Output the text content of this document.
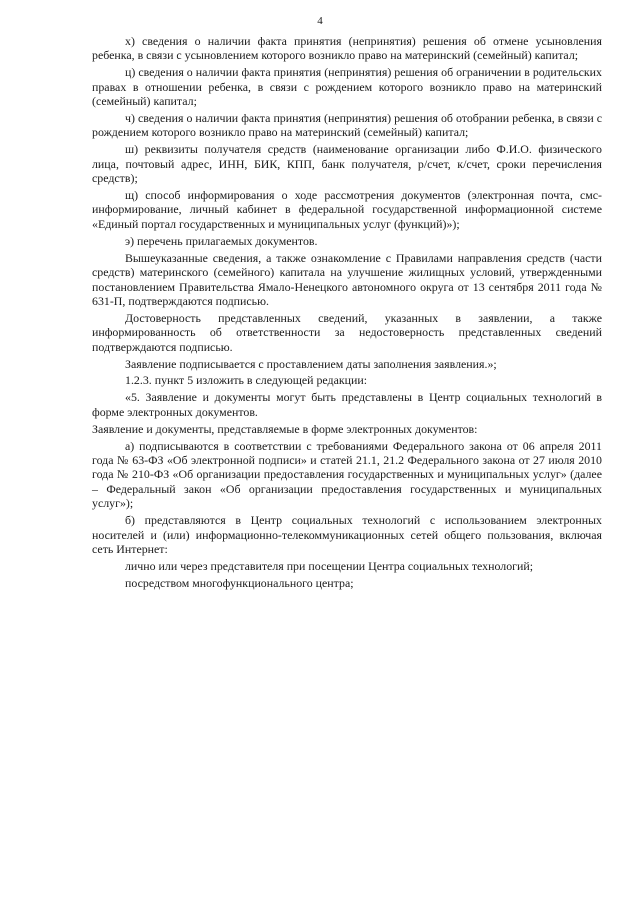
4

х) сведения о наличии факта принятия (непринятия) решения об отмене усыновления ребенка, в связи с усыновлением которого возникло право на материнский (семейный) капитал;

ц) сведения о наличии факта принятия (непринятия) решения об ограничении в родительских правах в отношении ребенка, в связи с рождением которого возникло право на материнский (семейный) капитал;

ч) сведения о наличии факта принятия (непринятия) решения об отобрании ребенка, в связи с рождением которого возникло право на материнский (семейный) капитал;

ш) реквизиты получателя средств (наименование организации либо Ф.И.О. физического лица, почтовый адрес, ИНН, БИК, КПП, банк получателя, р/счет, к/счет, сроки перечисления средств);

щ) способ информирования о ходе рассмотрения документов (электронная почта, смс-информирование, личный кабинет в федеральной государственной информационной системе «Единый портал государственных и муниципальных услуг (функций)»);

э) перечень прилагаемых документов.

Вышеуказанные сведения, а также ознакомление с Правилами направления средств (части средств) материнского (семейного) капитала на улучшение жилищных условий, утвержденными постановлением Правительства Ямало-Ненецкого автономного округа от 13 сентября 2011 года № 631-П, подтверждаются подписью.

Достоверность представленных сведений, указанных в заявлении, а также информированность об ответственности за недостоверность представленных сведений подтверждаются подписью.

Заявление подписывается с проставлением даты заполнения заявления.»;

1.2.3. пункт 5 изложить в следующей редакции:

«5. Заявление и документы могут быть представлены в Центр социальных технологий в форме электронных документов.

Заявление и документы, представляемые в форме электронных документов:

а) подписываются в соответствии с требованиями Федерального закона от 06 апреля 2011 года № 63-ФЗ «Об электронной подписи» и статей 21.1, 21.2 Федерального закона от 27 июля 2010 года № 210-ФЗ «Об организации предоставления государственных и муниципальных услуг» (далее – Федеральный закон «Об организации предоставления государственных и муниципальных услуг»);

б) представляются в Центр социальных технологий с использованием электронных носителей и (или) информационно-телекоммуникационных сетей общего пользования, включая сеть Интернет:

лично или через представителя при посещении Центра социальных технологий;

посредством многофункционального центра;
